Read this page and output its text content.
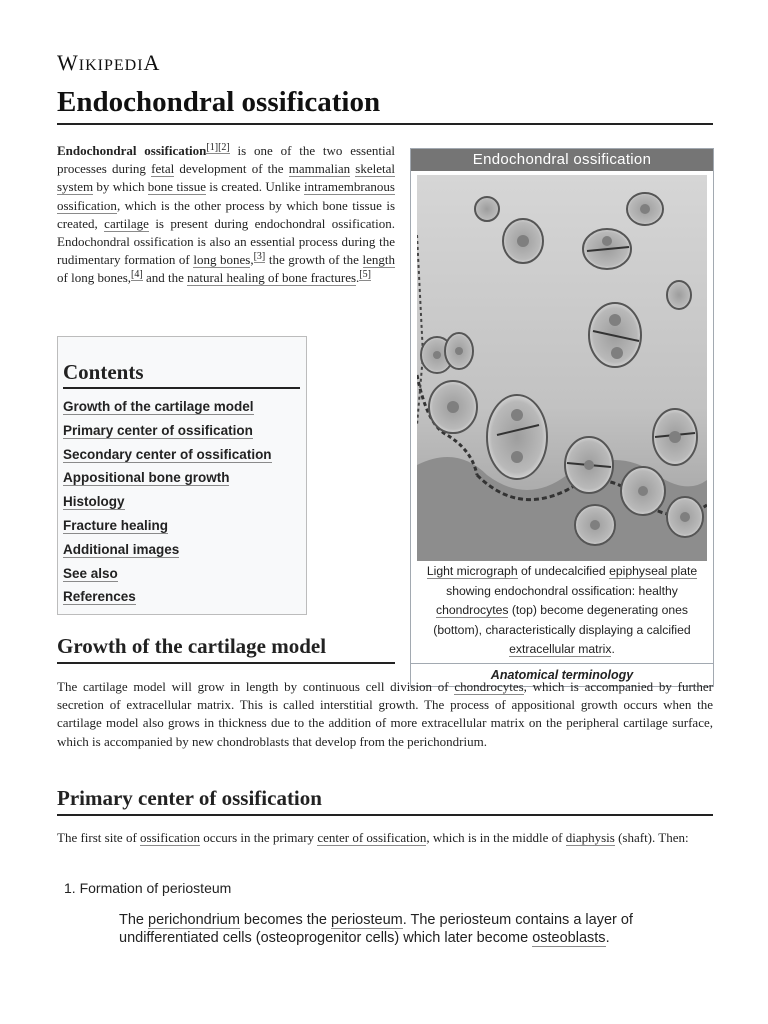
WIKIPEDIA
Endochondral ossification

Endochondral ossification[1][2] is one of the two essential processes during fetal development of the mammalian skeletal system by which bone tissue is created. Unlike intramembranous ossification, which is the other process by which bone tissue is created, cartilage is present during endochondral ossification. Endochondral ossification is also an essential process during the rudimentary formation of long bones,[3] the growth of the length of long bones,[4] and the natural healing of bone fractures.[5]

Endochondral ossification
Light micrograph of undecalcified epiphyseal plate showing endochondral ossification: healthy chondrocytes (top) become degenerating ones (bottom), characteristically displaying a calcified extracellular matrix.
Anatomical terminology
Contents
Growth of the cartilage model
Primary center of ossification
Secondary center of ossification
Appositional bone growth
Histology
Fracture healing
Additional images
See also
References
Growth of the cartilage model

The cartilage model will grow in length by continuous cell division of chondrocytes, which is accompanied by further secretion of extracellular matrix. This is called interstitial growth. The process of appositional growth occurs when the cartilage model also grows in thickness due to the addition of more extracellular matrix on the peripheral cartilage surface, which is accompanied by new chondroblasts that develop from the perichondrium.

Primary center of ossification

The first site of ossification occurs in the primary center of ossification, which is in the middle of diaphysis (shaft). Then:

1. Formation of periosteum

The perichondrium becomes the periosteum. The periosteum contains a layer of undifferentiated cells (osteoprogenitor cells) which later become osteoblasts.
